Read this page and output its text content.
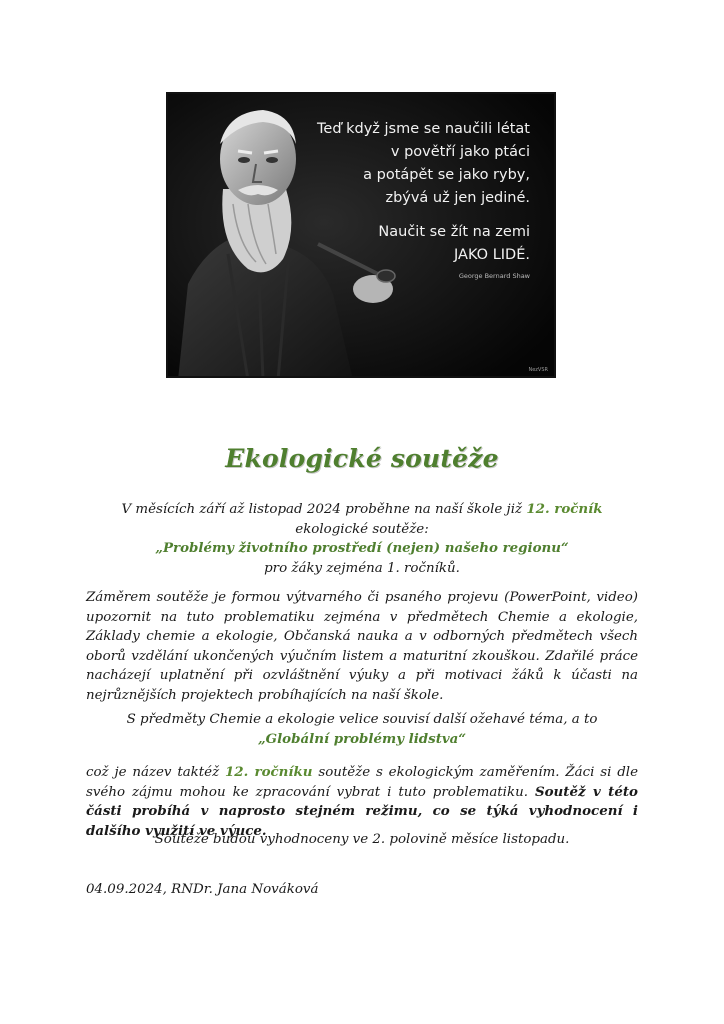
Teď když jsme se naučili létat
v povětří jako ptáci
a potápět se jako ryby,
zbývá už jen jediné.
Naučit se žít na zemi
JAKO LIDÉ.
George Bernard Shaw
NezVSR
Ekologické soutěže

V měsících září až listopad 2024 proběhne na naší škole již 12. ročník ekologické soutěže:
„Problémy životního prostředí (nejen) našeho regionu“
pro žáky zejména 1. ročníků.

Záměrem soutěže je formou výtvarného či psaného projevu (PowerPoint, video) upozornit na tuto problematiku zejména v předmětech Chemie a ekologie, Základy chemie a ekologie, Občanská nauka a v odborných předmětech všech oborů vzdělání ukončených výučním listem a maturitní zkouškou. Zdařilé práce nacházejí uplatnění při ozvláštnění výuky a při motivaci žáků k účasti na nejrůznějších projektech probíhajících na naší škole.

S předměty Chemie a ekologie velice souvisí další ožehavé téma, a to
„Globální problémy lidstva“

což je název taktéž 12. ročníku soutěže s ekologickým zaměřením. Žáci si dle svého zájmu mohou ke zpracování vybrat i tuto problematiku. Soutěž v této části probíhá v naprosto stejném režimu, co se týká vyhodnocení i dalšího využití ve výuce.

Soutěže budou vyhodnoceny ve 2. polovině měsíce listopadu.

04.09.2024, RNDr. Jana Nováková
